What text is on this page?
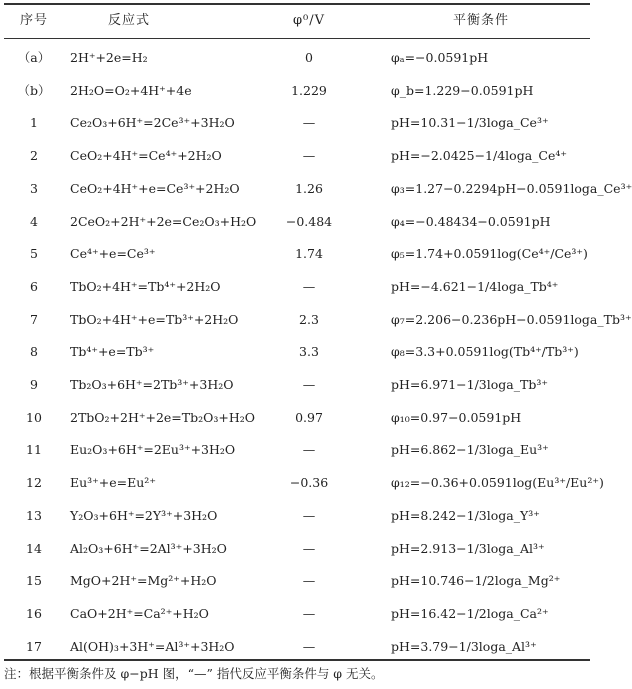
序号	反应式	φ⁰/V	平衡条件
（a）	2H⁺+2e=H₂	0	φₐ=−0.0591pH
（b）	2H₂O=O₂+4H⁺+4e	1.229	φ_b=1.229−0.0591pH
1	Ce₂O₃+6H⁺=2Ce³⁺+3H₂O	—	pH=10.31−1/3loga_Ce³⁺
2	CeO₂+4H⁺=Ce⁴⁺+2H₂O	—	pH=−2.0425−1/4loga_Ce⁴⁺
3	CeO₂+4H⁺+e=Ce³⁺+2H₂O	1.26	φ₃=1.27−0.2294pH−0.0591loga_Ce³⁺
4	2CeO₂+2H⁺+2e=Ce₂O₃+H₂O	−0.484	φ₄=−0.48434−0.0591pH
5	Ce⁴⁺+e=Ce³⁺	1.74	φ₅=1.74+0.0591log(Ce⁴⁺/Ce³⁺)
6	TbO₂+4H⁺=Tb⁴⁺+2H₂O	—	pH=−4.621−1/4loga_Tb⁴⁺
7	TbO₂+4H⁺+e=Tb³⁺+2H₂O	2.3	φ₇=2.206−0.236pH−0.0591loga_Tb³⁺
8	Tb⁴⁺+e=Tb³⁺	3.3	φ₈=3.3+0.0591log(Tb⁴⁺/Tb³⁺)
9	Tb₂O₃+6H⁺=2Tb³⁺+3H₂O	—	pH=6.971−1/3loga_Tb³⁺
10	2TbO₂+2H⁺+2e=Tb₂O₃+H₂O	0.97	φ₁₀=0.97−0.0591pH
11	Eu₂O₃+6H⁺=2Eu³⁺+3H₂O	—	pH=6.862−1/3loga_Eu³⁺
12	Eu³⁺+e=Eu²⁺	−0.36	φ₁₂=−0.36+0.0591log(Eu³⁺/Eu²⁺)
13	Y₂O₃+6H⁺=2Y³⁺+3H₂O	—	pH=8.242−1/3loga_Y³⁺
14	Al₂O₃+6H⁺=2Al³⁺+3H₂O	—	pH=2.913−1/3loga_Al³⁺
15	MgO+2H⁺=Mg²⁺+H₂O	—	pH=10.746−1/2loga_Mg²⁺
16	CaO+2H⁺=Ca²⁺+H₂O	—	pH=16.42−1/2loga_Ca²⁺
17	Al(OH)₃+3H⁺=Al³⁺+3H₂O	—	pH=3.79−1/3loga_Al³⁺
注：根据平衡条件及 φ−pH 图，“—” 指代反应平衡条件与 φ 无关。
